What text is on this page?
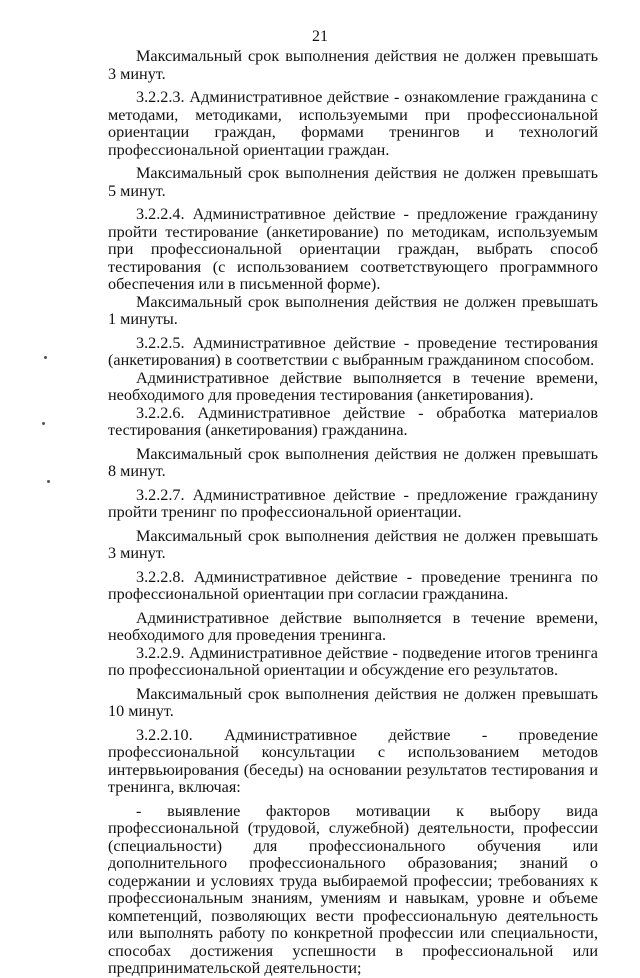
21

Максимальный срок выполнения действия не должен превышать 3 минут.

3.2.2.3. Административное действие - ознакомление гражданина с методами, методиками, используемыми при профессиональной ориентации граждан, формами тренингов и технологий профессиональной ориентации граждан.

Максимальный срок выполнения действия не должен превышать 5 минут.

3.2.2.4. Административное действие - предложение гражданину пройти тестирование (анкетирование) по методикам, используемым при профессиональной ориентации граждан, выбрать способ тестирования (с использованием соответствующего программного обеспечения или в письменной форме).

Максимальный срок выполнения действия не должен превышать 1 минуты.

3.2.2.5. Административное действие - проведение тестирования (анкетирования) в соответствии с выбранным гражданином способом.

Административное действие выполняется в течение времени, необходимого для проведения тестирования (анкетирования).

3.2.2.6. Административное действие - обработка материалов тестирования (анкетирования) гражданина.

Максимальный срок выполнения действия не должен превышать 8 минут.

3.2.2.7. Административное действие - предложение гражданину пройти тренинг по профессиональной ориентации.

Максимальный срок выполнения действия не должен превышать 3 минут.

3.2.2.8. Административное действие - проведение тренинга по профессиональной ориентации при согласии гражданина.

Административное действие выполняется в течение времени, необходимого для проведения тренинга.

3.2.2.9. Административное действие - подведение итогов тренинга по профессиональной ориентации и обсуждение его результатов.

Максимальный срок выполнения действия не должен превышать 10 минут.

3.2.2.10. Административное действие - проведение профессиональной консультации с использованием методов интервьюирования (беседы) на основании результатов тестирования и тренинга, включая:

- выявление факторов мотивации к выбору вида профессиональной (трудовой, служебной) деятельности, профессии (специальности) для профессионального обучения или дополнительного профессионального образования; знаний о содержании и условиях труда выбираемой профессии; требованиях к профессиональным знаниям, умениям и навыкам, уровне и объеме компетенций, позволяющих вести профессиональную деятельность или выполнять работу по конкретной профессии или специальности, способах достижения успешности в профессиональной или предпринимательской деятельности;
